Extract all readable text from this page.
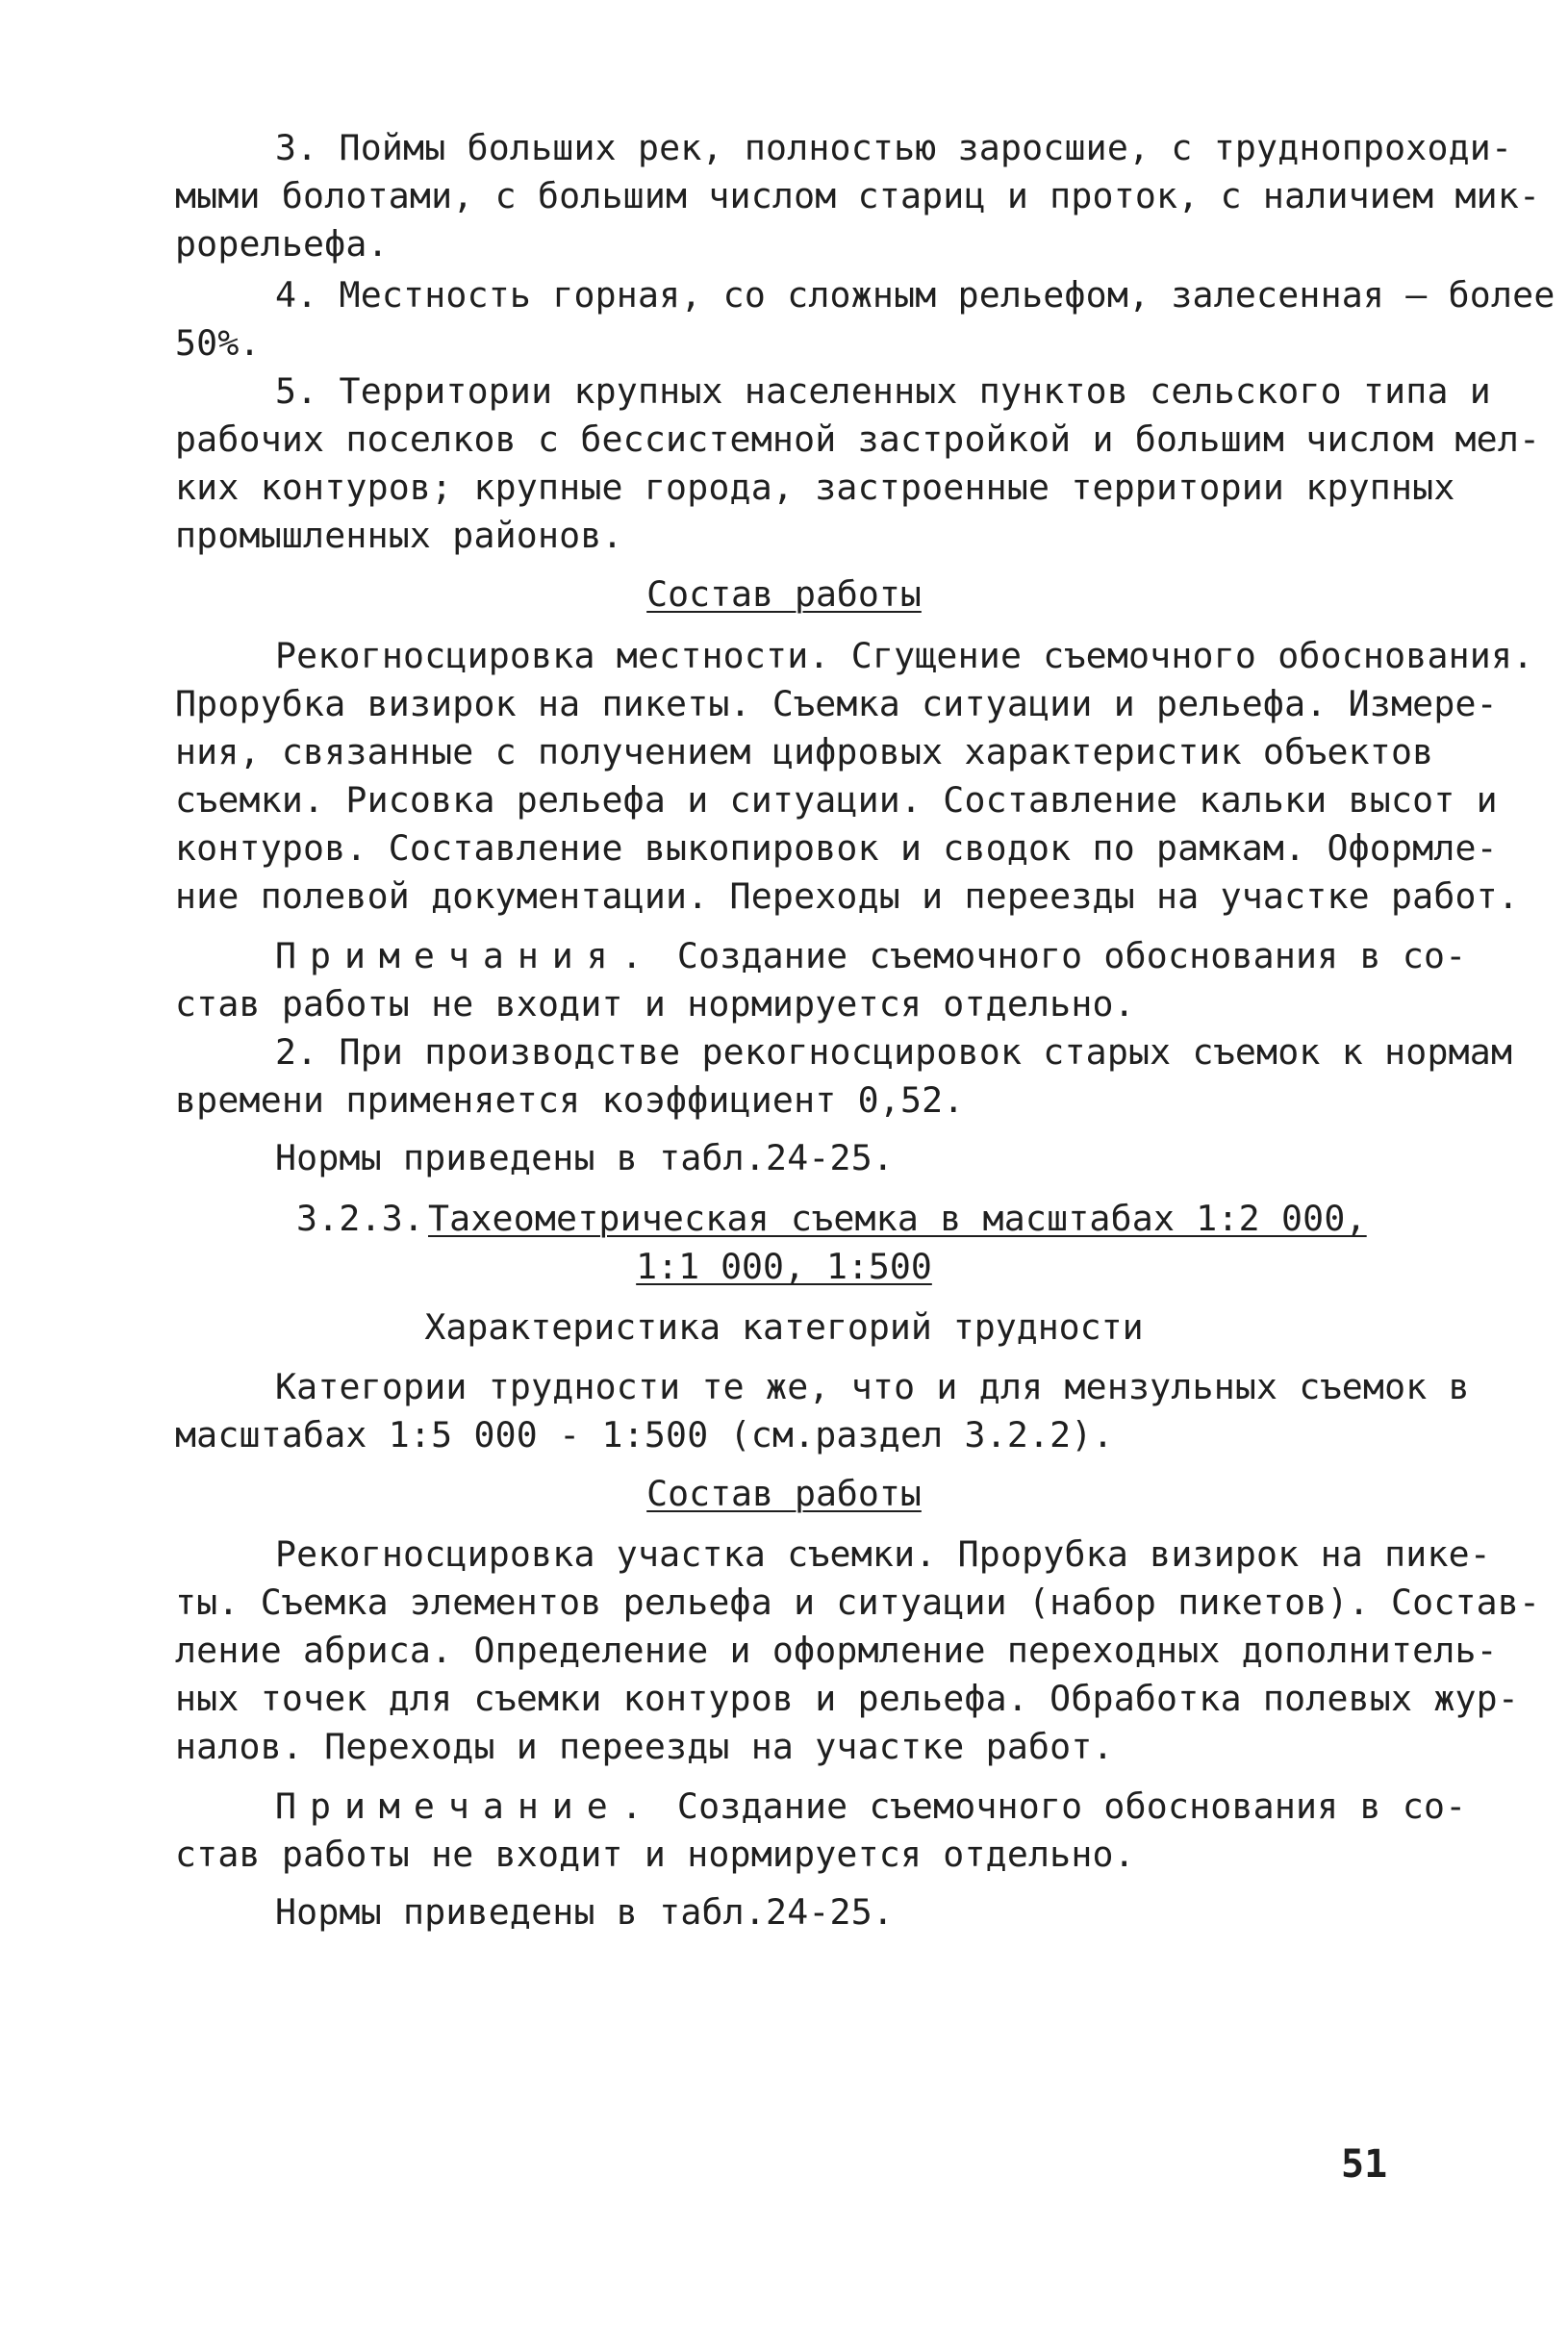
3. Поймы больших рек, полностью заросшие, с труднопроходи-
мыми болотами, с большим числом стариц и проток, с наличием мик-
рорельефа.
4. Местность горная, со сложным рельефом, залесенная – более
50%.
5. Территории крупных населенных пунктов сельского типа и
рабочих поселков с бессистемной застройкой и большим числом мел-
ких контуров; крупные города, застроенные территории крупных
промышленных районов.
Состав работы
Рекогносцировка местности. Сгущение съемочного обоснования.
Прорубка визирок на пикеты. Съемка ситуации и рельефа. Измере-
ния, связанные с получением цифровых характеристик объектов
съемки. Рисовка рельефа и ситуации. Составление кальки высот и
контуров. Составление выкопировок и сводок по рамкам. Оформле-
ние полевой документации. Переходы и переезды на участке работ.
Примечания. Создание съемочного обоснования в со-
став работы не входит и нормируется отдельно.
2. При производстве рекогносцировок старых съемок к нормам
времени применяется коэффициент 0,52.
Нормы приведены в табл.24-25.
3.2.3. Тахеометрическая съемка в масштабах 1:2 000,
1:1 000, 1:500
Характеристика категорий трудности
Категории трудности те же, что и для мензульных съемок в
масштабах 1:5 000 - 1:500 (см.раздел 3.2.2).
Состав работы
Рекогносцировка участка съемки. Прорубка визирок на пике-
ты. Съемка элементов рельефа и ситуации (набор пикетов). Состав-
ление абриса. Определение и оформление переходных дополнитель-
ных точек для съемки контуров и рельефа. Обработка полевых жур-
налов. Переходы и переезды на участке работ.
Примечание. Создание съемочного обоснования в со-
став работы не входит и нормируется отдельно.
Нормы приведены в табл.24-25.
51
